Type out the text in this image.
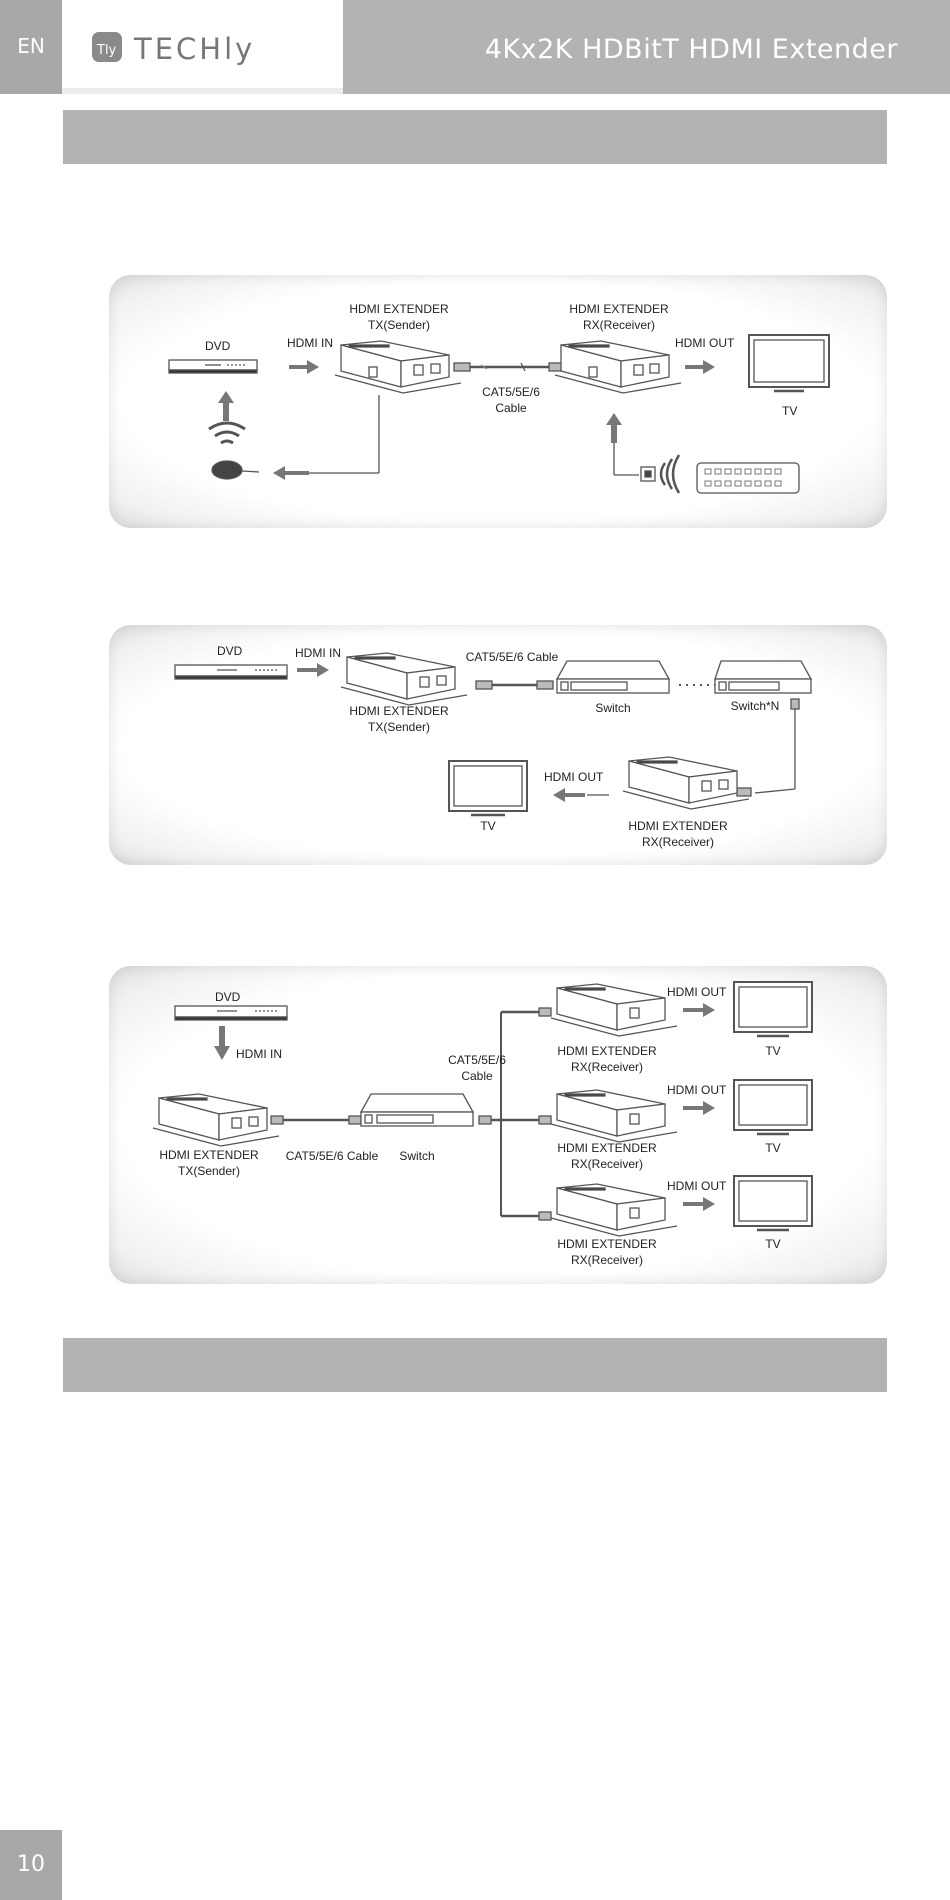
EN	Tly TECHly	4Kx2K HDBitT HDMI Extender
DVD	HDMI IN
HDMI EXTENDER
TX(Sender)
CAT5/5E/6
Cable
HDMI EXTENDER
RX(Receiver)
HDMI OUT
TV
DVD	HDMI IN	CAT5/5E/6 Cable
HDMI EXTENDER
TX(Sender)
Switch	Switch*N
HDMI OUT
TV	HDMI EXTENDER
RX(Receiver)
DVD
HDMI IN
HDMI EXTENDER
TX(Sender)
CAT5/5E/6 Cable	Switch
CAT5/5E/6
Cable
HDMI OUT
HDMI EXTENDER
RX(Receiver)
TV
HDMI OUT
HDMI EXTENDER
RX(Receiver)
TV
HDMI OUT
HDMI EXTENDER
RX(Receiver)
TV
10
